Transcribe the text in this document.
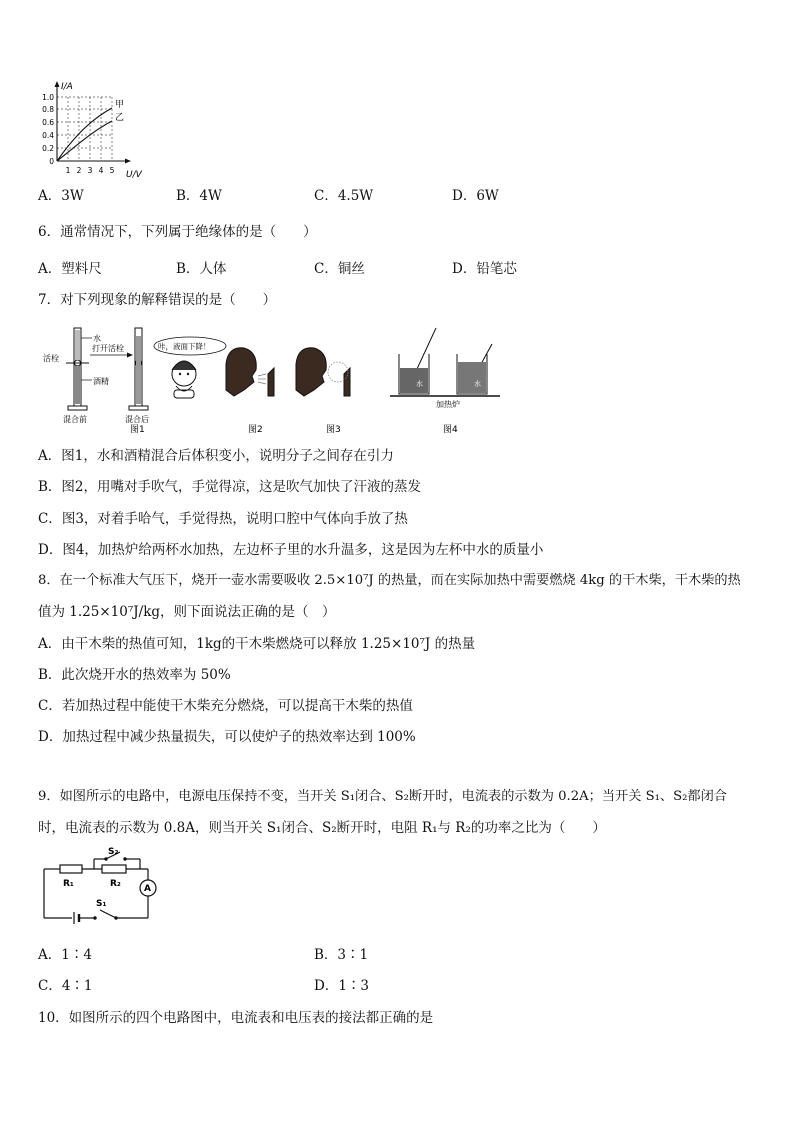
I/A
U/V
甲
乙
1.0
0.8
0.6
0.4
0.2
0
1 2 3 4 5
A．3W	B．4W	C．4.5W	D．6W
6．通常情况下，下列属于绝缘体的是（　　）
A．塑料尺	B．人体	C．铜丝	D．铅笔芯
7．对下列现象的解释错误的是（　　）
水
活栓
酒精
打开活栓
混合前	混合后
咔，液面下降！
水	水
加热炉
图1	图2	图3	图4
A．图1，水和酒精混合后体积变小，说明分子之间存在引力
B．图2，用嘴对手吹气，手觉得凉，这是吹气加快了汗液的蒸发
C．图3，对着手哈气，手觉得热，说明口腔中气体向手放了热
D．图4，加热炉给两杯水加热，左边杯子里的水升温多，这是因为左杯中水的质量小
8．在一个标准大气压下，烧开一壶水需要吸收 2.5×10⁷J 的热量，而在实际加热中需要燃烧 4kg 的干木柴，干木柴的热
值为 1.25×10⁷J/kg，则下面说法正确的是（　）
A．由干木柴的热值可知，1kg的干木柴燃烧可以释放 1.25×10⁷J 的热量
B．此次烧开水的热效率为 50%
C．若加热过程中能使干木柴充分燃烧，可以提高干木柴的热值
D．加热过程中减少热量损失，可以使炉子的热效率达到 100%
9．如图所示的电路中，电源电压保持不变，当开关 S₁闭合、S₂断开时，电流表的示数为 0.2A；当开关 S₁、S₂都闭合
时，电流表的示数为 0.8A，则当开关 S₁闭合、S₂断开时，电阻 R₁与 R₂的功率之比为（　　）
S₂
R₁	R₂	A
S₁
A．1∶4	B．3∶1
C．4∶1	D．1∶3
10．如图所示的四个电路图中，电流表和电压表的接法都正确的是
